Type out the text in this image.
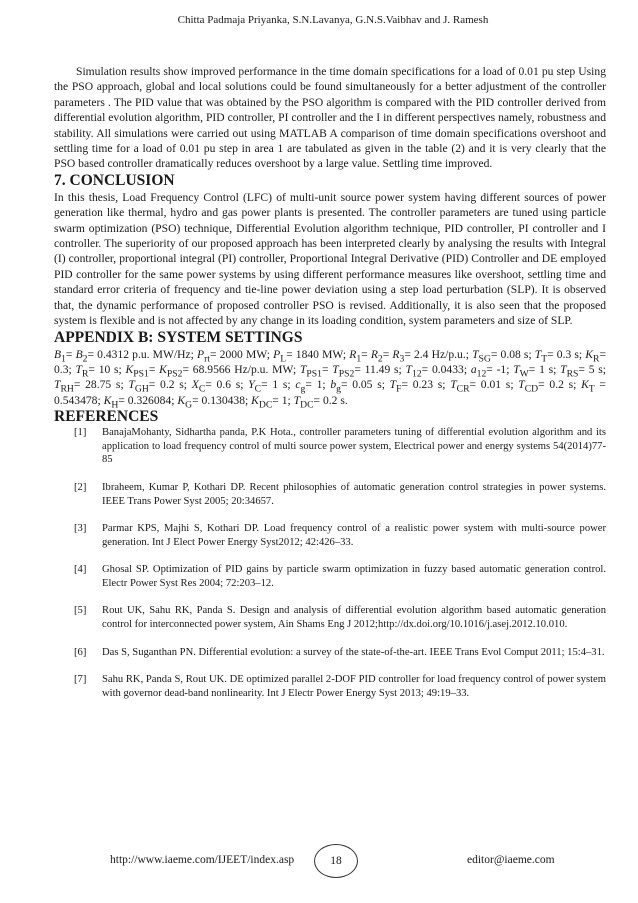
Chitta Padmaja Priyanka, S.N.Lavanya, G.N.S.Vaibhav and J. Ramesh

Simulation results show improved performance in the time domain specifications for a load of 0.01 pu step Using the PSO approach, global and local solutions could be found simultaneously for a better adjustment of the controller parameters . The PID value that was obtained by the PSO algorithm is compared with the PID controller derived from differential evolution algorithm, PID controller, PI controller and the I in different perspectives namely, robustness and stability. All simulations were carried out using MATLAB A comparison of time domain specifications overshoot and settling time for a load of 0.01 pu step in area 1 are tabulated as given in the table (2) and it is very clearly that the PSO based controller dramatically reduces overshoot by a large value. Settling time improved.

7. CONCLUSION

In this thesis, Load Frequency Control (LFC) of multi-unit source power system having different sources of power generation like thermal, hydro and gas power plants is presented. The controller parameters are tuned using particle swarm optimization (PSO) technique, Differential Evolution algorithm technique, PID controller, PI controller and I controller. The superiority of our proposed approach has been interpreted clearly by analysing the results with Integral (I) controller, proportional integral (PI) controller, Proportional Integral Derivative (PID) Controller and DE employed PID controller for the same power systems by using different performance measures like overshoot, settling time and standard error criteria of frequency and tie-line power deviation using a step load perturbation (SLP). It is observed that, the dynamic performance of proposed controller PSO is revised. Additionally, it is also seen that the proposed system is flexible and is not affected by any change in its loading condition, system parameters and size of SLP.

APPENDIX B: SYSTEM SETTINGS

$B_1= B_2= 0.4312$ p.u. MW/Hz; $P_{rt}= 2000$ MW; $P_L= 1840$ MW; $R_1= R_2= R_3= 2.4$ Hz/p.u.; $T_{SG}= 0.08$ s; $T_T= 0.3$ s; $K_R= 0.3$; $T_R= 10$ s; $K_{PS1}= K_{PS2}= 68.9566$ Hz/p.u. MW; $T_{PS1}= T_{PS2}= 11.49$ s; $T_{12}= 0.0433$; $a_{12}= -1$; $T_W= 1$ s; $T_{RS}= 5$ s; $T_{RH}= 28.75$ s; $T_{GH}= 0.2$ s; $X_C= 0.6$ s; $Y_C= 1$ s; $c_g= 1$; $b_g= 0.05$ s; $T_F= 0.23$ s; $T_{CR}= 0.01$ s; $T_{CD}= 0.2$ s; $K_T = 0.543478$; $K_H= 0.326084$; $K_G= 0.130438$; $K_{DC}= 1$; $T_{DC}= 0.2$ s.

REFERENCES
[1]	BanajaMohanty, Sidhartha panda, P.K Hota., controller parameters tuning of differential evolution algorithm and its application to load frequency control of multi source power system, Electrical power and energy systems 54(2014)77-85
[2]	Ibraheem, Kumar P, Kothari DP. Recent philosophies of automatic generation control strategies in power systems. IEEE Trans Power Syst 2005; 20:34657.
[3]	Parmar KPS, Majhi S, Kothari DP. Load frequency control of a realistic power system with multi-source power generation. Int J Elect Power Energy Syst2012; 42:426–33.
[4]	Ghosal SP. Optimization of PID gains by particle swarm optimization in fuzzy based automatic generation control. Electr Power Syst Res 2004; 72:203–12.
[5]	Rout UK, Sahu RK, Panda S. Design and analysis of differential evolution algorithm based automatic generation control for interconnected power system, Ain Shams Eng J 2012;http://dx.doi.org/10.1016/j.asej.2012.10.010.
[6]	Das S, Suganthan PN. Differential evolution: a survey of the state-of-the-art. IEEE Trans Evol Comput 2011; 15:4–31.
[7]	Sahu RK, Panda S, Rout UK. DE optimized parallel 2-DOF PID controller for load frequency control of power system with governor dead-band nonlinearity. Int J Electr Power Energy Syst 2013; 49:19–33.
http://www.iaeme.com/IJEET/index.asp	18	editor@iaeme.com
